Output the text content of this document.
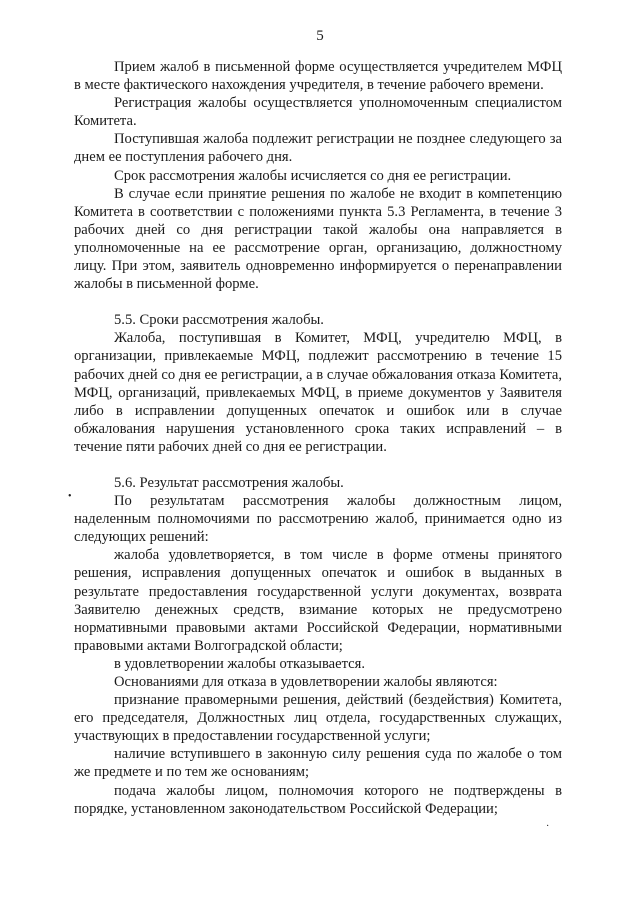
5

Прием жалоб в письменной форме осуществляется учредителем МФЦ в месте фактического нахождения учредителя, в течение рабочего времени.

Регистрация жалобы осуществляется уполномоченным специалистом Комитета.

Поступившая жалоба подлежит регистрации не позднее следующего за днем ее поступления рабочего дня.

Срок рассмотрения жалобы исчисляется со дня ее регистрации.

В случае если принятие решения по жалобе не входит в компетенцию Комитета в соответствии с положениями пункта 5.3 Регламента, в течение 3 рабочих дней со дня регистрации такой жалобы она направляется в уполномоченные на ее рассмотрение орган, организацию, должностному лицу. При этом, заявитель одновременно информируется о перенаправлении жалобы в письменной форме.

5.5. Сроки рассмотрения жалобы.

Жалоба, поступившая в Комитет, МФЦ, учредителю МФЦ, в организации, привлекаемые МФЦ, подлежит рассмотрению в течение 15 рабочих дней со дня ее регистрации, а в случае обжалования отказа Комитета, МФЦ, организаций, привлекаемых МФЦ, в приеме документов у Заявителя либо в исправлении допущенных опечаток и ошибок или в случае обжалования нарушения установленного срока таких исправлений – в течение пяти рабочих дней со дня ее регистрации.

5.6. Результат рассмотрения жалобы.

По результатам рассмотрения жалобы должностным лицом, наделенным полномочиями по рассмотрению жалоб, принимается одно из следующих решений:

жалоба удовлетворяется, в том числе в форме отмены принятого решения, исправления допущенных опечаток и ошибок в выданных в результате предоставления государственной услуги документах, возврата Заявителю денежных средств, взимание которых не предусмотрено нормативными правовыми актами Российской Федерации, нормативными правовыми актами Волгоградской области;

в удовлетворении жалобы отказывается.

Основаниями для отказа в удовлетворении жалобы являются:

признание правомерными решения, действий (бездействия) Комитета, его председателя, Должностных лиц отдела, государственных служащих, участвующих в предоставлении государственной услуги;

наличие вступившего в законную силу решения суда по жалобе о том же предмете и по тем же основаниям;

подача жалобы лицом, полномочия которого не подтверждены в порядке, установленном законодательством Российской Федерации;

•
·
